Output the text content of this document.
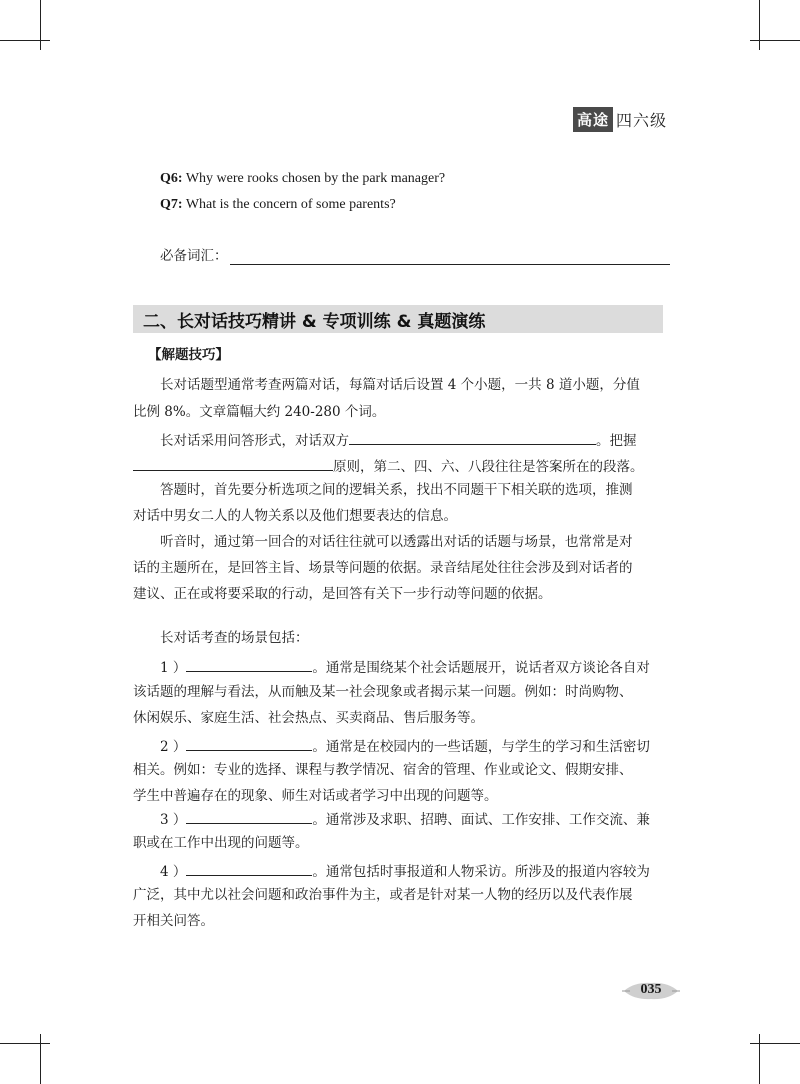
高途 四六级
Q6: Why were rooks chosen by the park manager?
Q7: What is the concern of some parents?
必备词汇：
二、长对话技巧精讲 & 专项训练 & 真题演练
【解题技巧】
长对话题型通常考查两篇对话，每篇对话后设置 4 个小题，一共 8 道小题，分值
比例 8%。文章篇幅大约 240-280 个词。
长对话采用问答形式，对话双方	。把握
原则，第二、四、六、八段往往是答案所在的段落。
答题时，首先要分析选项之间的逻辑关系，找出不同题干下相关联的选项，推测
对话中男女二人的人物关系以及他们想要表达的信息。
听音时，通过第一回合的对话往往就可以透露出对话的话题与场景，也常常是对
话的主题所在，是回答主旨、场景等问题的依据。录音结尾处往往会涉及到对话者的
建议、正在或将要采取的行动，是回答有关下一步行动等问题的依据。
长对话考查的场景包括：
1 ）	。通常是围绕某个社会话题展开，说话者双方谈论各自对
该话题的理解与看法，从而触及某一社会现象或者揭示某一问题。例如：时尚购物、
休闲娱乐、家庭生活、社会热点、买卖商品、售后服务等。
2 ）	。通常是在校园内的一些话题，与学生的学习和生活密切
相关。例如：专业的选择、课程与教学情况、宿舍的管理、作业或论文、假期安排、
学生中普遍存在的现象、师生对话或者学习中出现的问题等。
3 ）	。通常涉及求职、招聘、面试、工作安排、工作交流、兼
职或在工作中出现的问题等。
4 ）	。通常包括时事报道和人物采访。所涉及的报道内容较为
广泛，其中尤以社会问题和政治事件为主，或者是针对某一人物的经历以及代表作展
开相关问答。
035
